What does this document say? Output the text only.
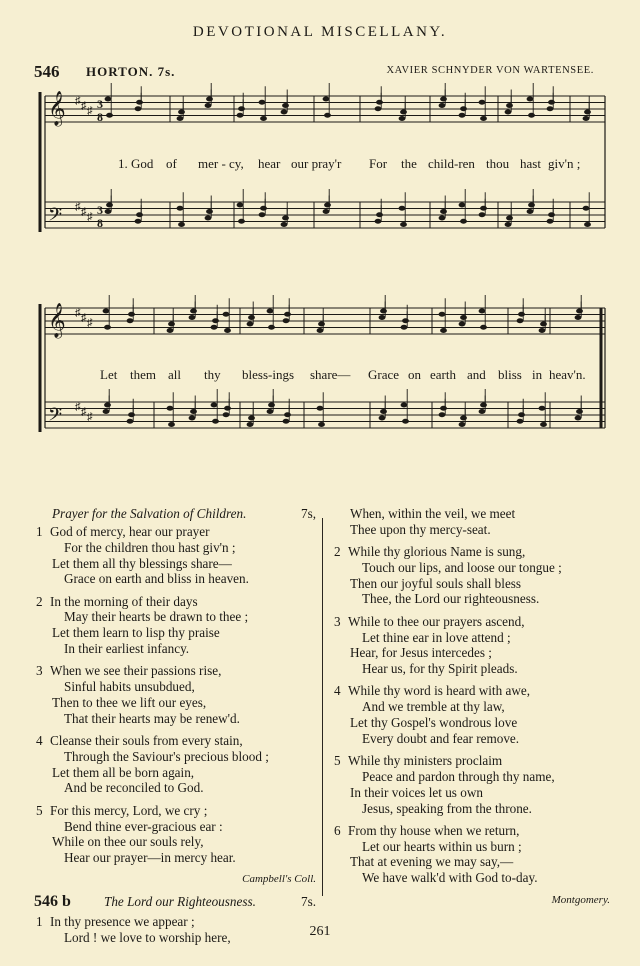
DEVOTIONAL MISCELLANY.
546 HORTON. 7s.	XAVIER SCHNYDER VON WARTENSEE.
𝄞 ♯ ♯ ♯ 3
8
𝄢 ♯ ♯ ♯ 3
8
𝄞 ♯ ♯ ♯
𝄢 ♯ ♯ ♯
1. God of mer - cy, hear our pray'r For the child-ren thou hast giv'n ;
Let them all thy bless-ings share— Grace on earth and bliss in heav'n.
Prayer for the Salvation of Children.	7s,
1 God of mercy, hear our prayer
For the children thou hast giv'n ;
Let them all thy blessings share—
Grace on earth and bliss in heaven.
2 In the morning of their days
May their hearts be drawn to thee ;
Let them learn to lisp thy praise
In their earliest infancy.
3 When we see their passions rise,
Sinful habits unsubdued,
Then to thee we lift our eyes,
That their hearts may be renew'd.
4 Cleanse their souls from every stain,
Through the Saviour's precious blood ;
Let them all be born again,
And be reconciled to God.
5 For this mercy, Lord, we cry ;
Bend thine ever-gracious ear :
While on thee our souls rely,
Hear our prayer—in mercy hear.
Campbell's Coll.
546 b	The Lord our Righteousness.	7s.
1 In thy presence we appear ;
Lord ! we love to worship here,
When, within the veil, we meet
Thee upon thy mercy-seat.
2 While thy glorious Name is sung,
Touch our lips, and loose our tongue ;
Then our joyful souls shall bless
Thee, the Lord our righteousness.
3 While to thee our prayers ascend,
Let thine ear in love attend ;
Hear, for Jesus intercedes ;
Hear us, for thy Spirit pleads.
4 While thy word is heard with awe,
And we tremble at thy law,
Let thy Gospel's wondrous love
Every doubt and fear remove.
5 While thy ministers proclaim
Peace and pardon through thy name,
In their voices let us own
Jesus, speaking from the throne.
6 From thy house when we return,
Let our hearts within us burn ;
That at evening we may say,—
We have walk'd with God to-day.
Montgomery.
261
